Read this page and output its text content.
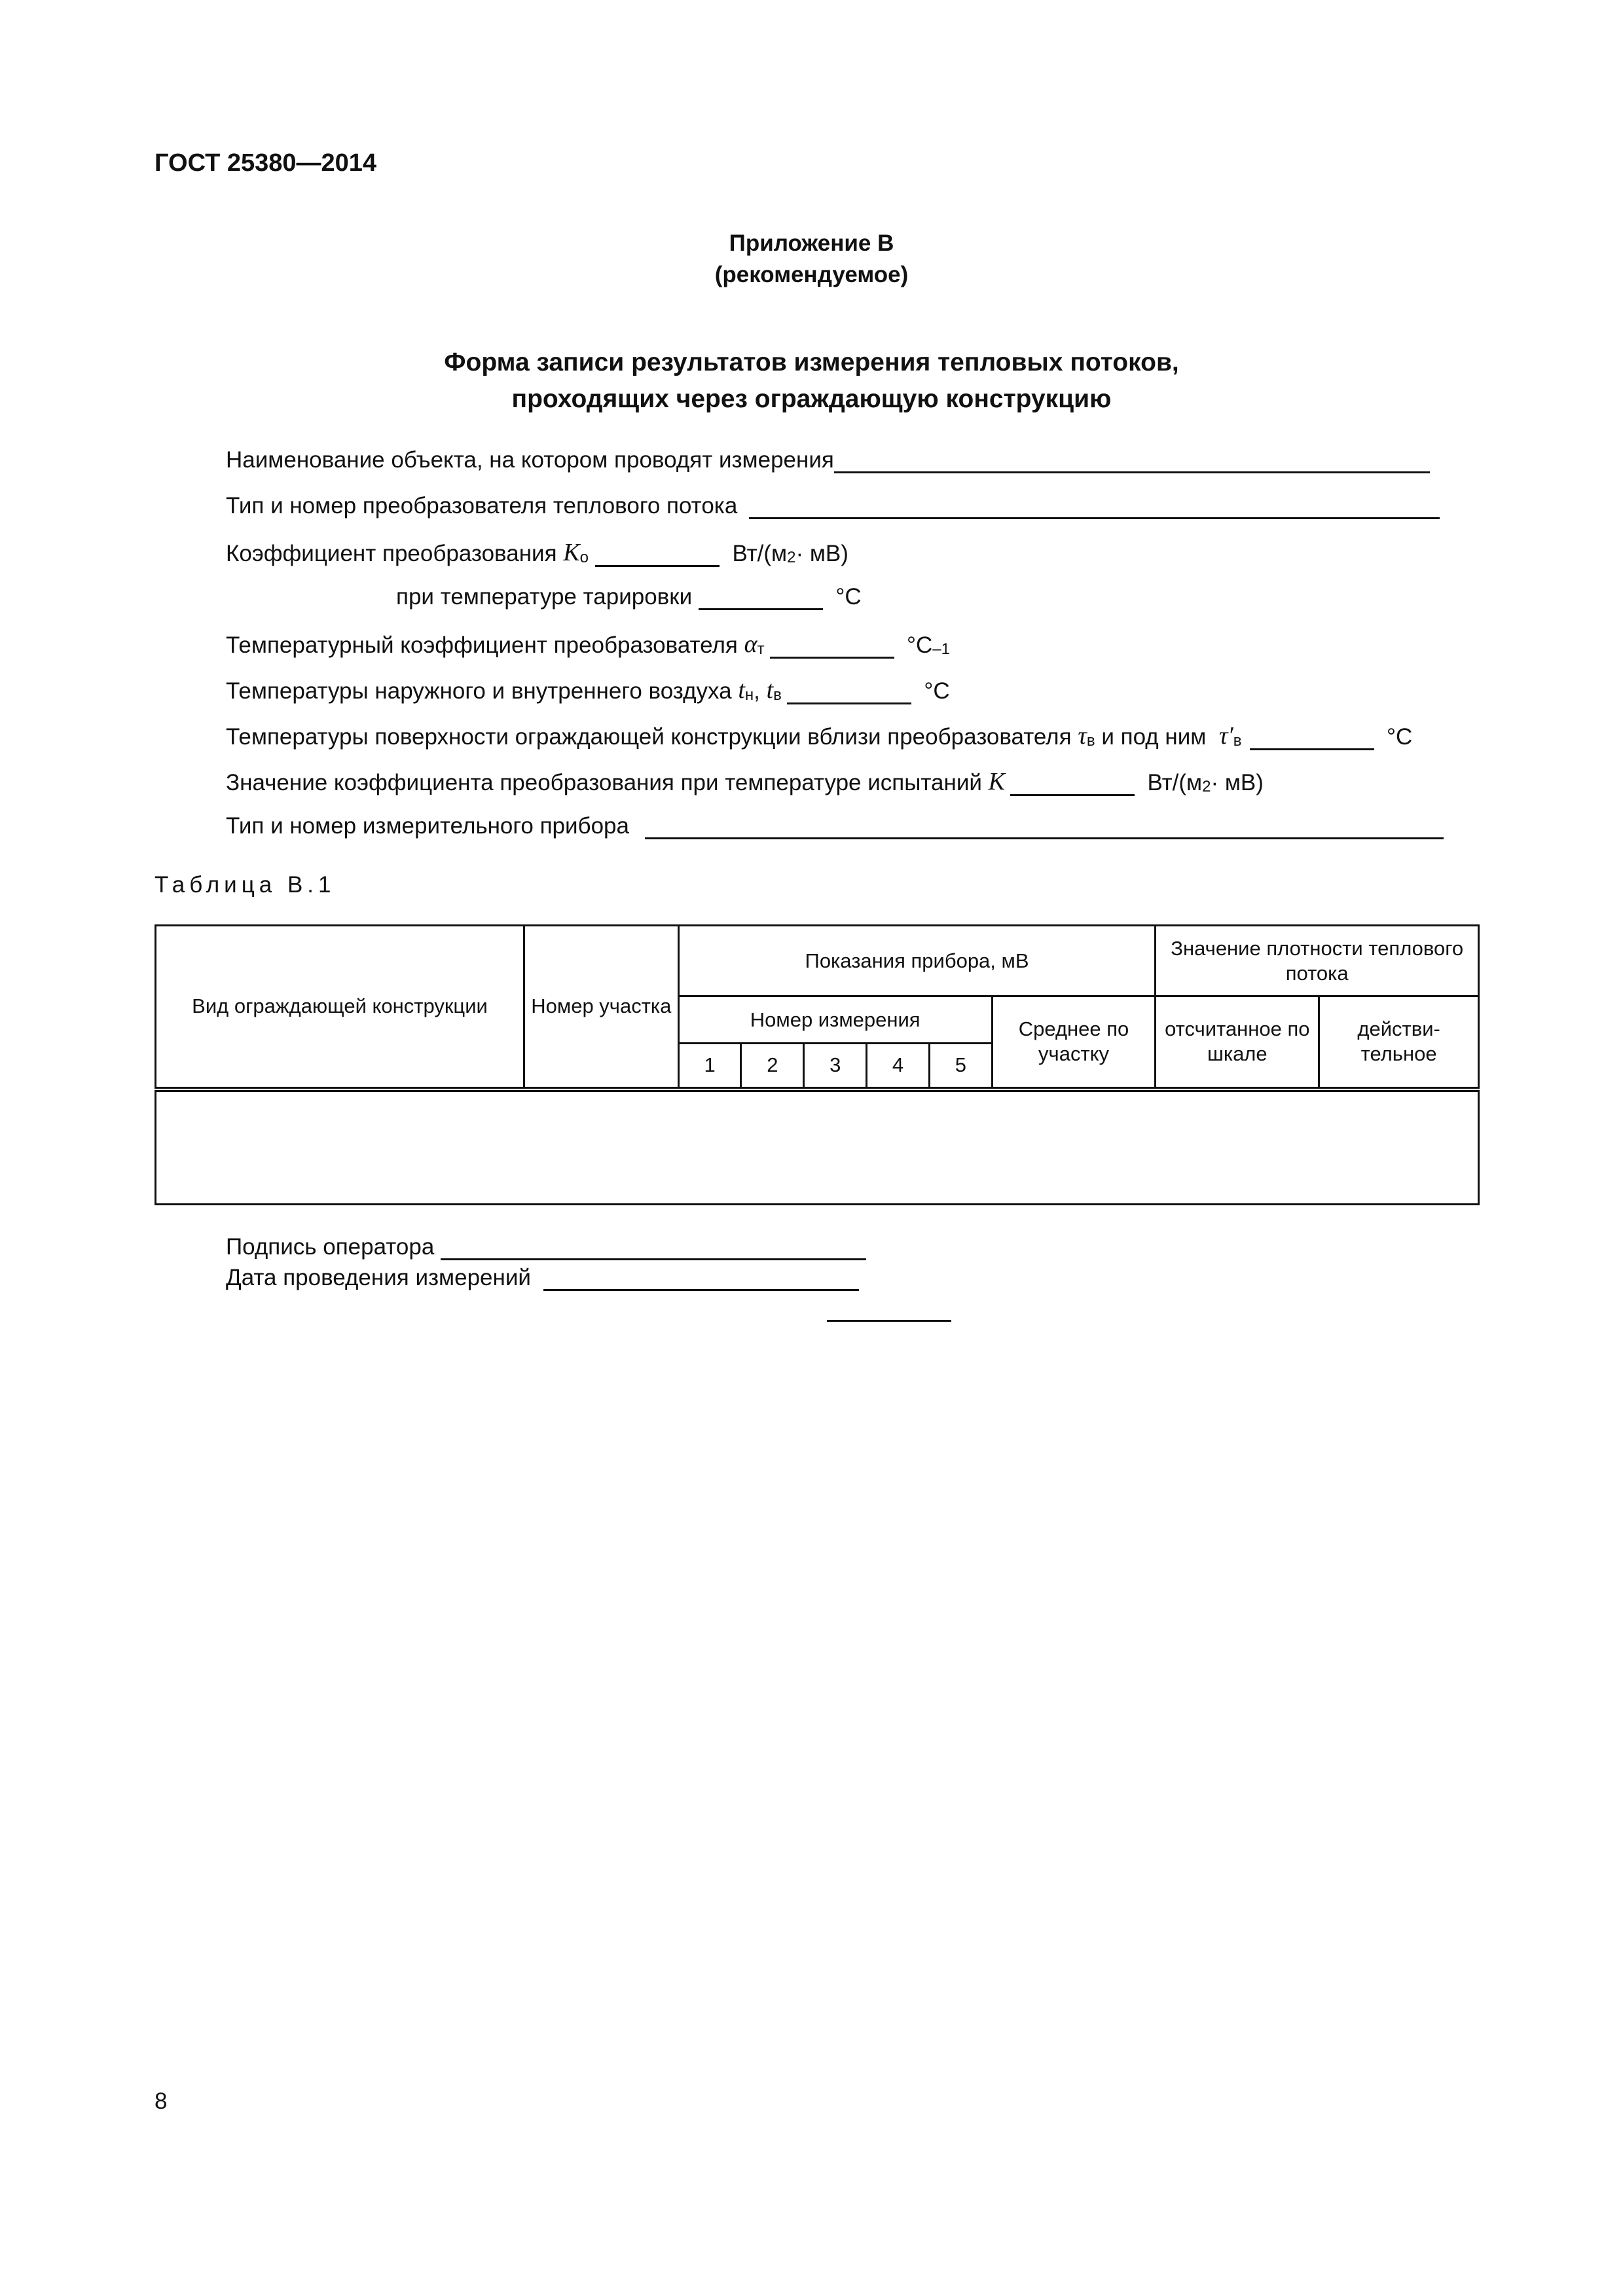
ГОСТ 25380—2014
Приложение В
(рекомендуемое)
Форма записи результатов измерения тепловых потоков,
проходящих через ограждающую конструкцию
Наименование объекта, на котором проводят измерения
Тип и номер преобразователя теплового потока
Коэффициент преобразования
$K_о$
	Вт/(м 2 · мВ)
при температуре тарировки

	°С
Температурный коэффициент преобразователя
$\alpha_т$
	°С –1
Температуры наружного и внутреннего воздуха
$t_н$ , $t_в$
	°С
Температуры поверхности ограждающей конструкции вблизи преобразователя
$\tau_в$
и под ним
$\tau'_в$
	°С
Значение коэффициента преобразования при температуре испытаний
K
	Вт/(м 2 · мВ)
Тип и номер измерительного прибора
Таблица В.1
Вид ограждающей конструкции	Номер участка	Показания прибора, мВ						Значение плотности теплового потока	
		Номер измерения					Среднее по участку	отсчитанное по шкале	действи-тельное
		1	2	3	4	5			

Подпись оператора

Дата проведения измерений

8
